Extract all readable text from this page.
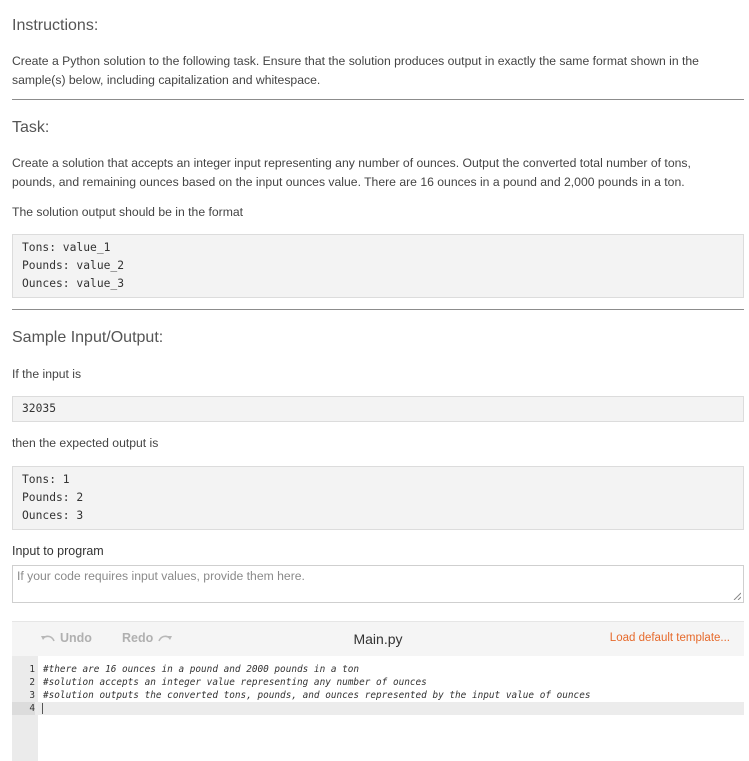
Instructions:

Create a Python solution to the following task. Ensure that the solution produces output in exactly the same format shown in the sample(s) below, including capitalization and whitespace.

Task:

Create a solution that accepts an integer input representing any number of ounces. Output the converted total number of tons, pounds, and remaining ounces based on the input ounces value. There are 16 ounces in a pound and 2,000 pounds in a ton.

The solution output should be in the format

Tons: value_1
Pounds: value_2
Ounces: value_3
Sample Input/Output:

If the input is

32035

then the expected output is

Tons: 1
Pounds: 2
Ounces: 3
Input to program
If your code requires input values, provide them here.
Undo Redo	Main.py	Load default template...
1 #there are 16 ounces in a pound and 2000 pounds in a ton
2 #solution accepts an integer value representing any number of ounces
3 #solution outputs the converted tons, pounds, and ounces represented by the input value of ounces
4
